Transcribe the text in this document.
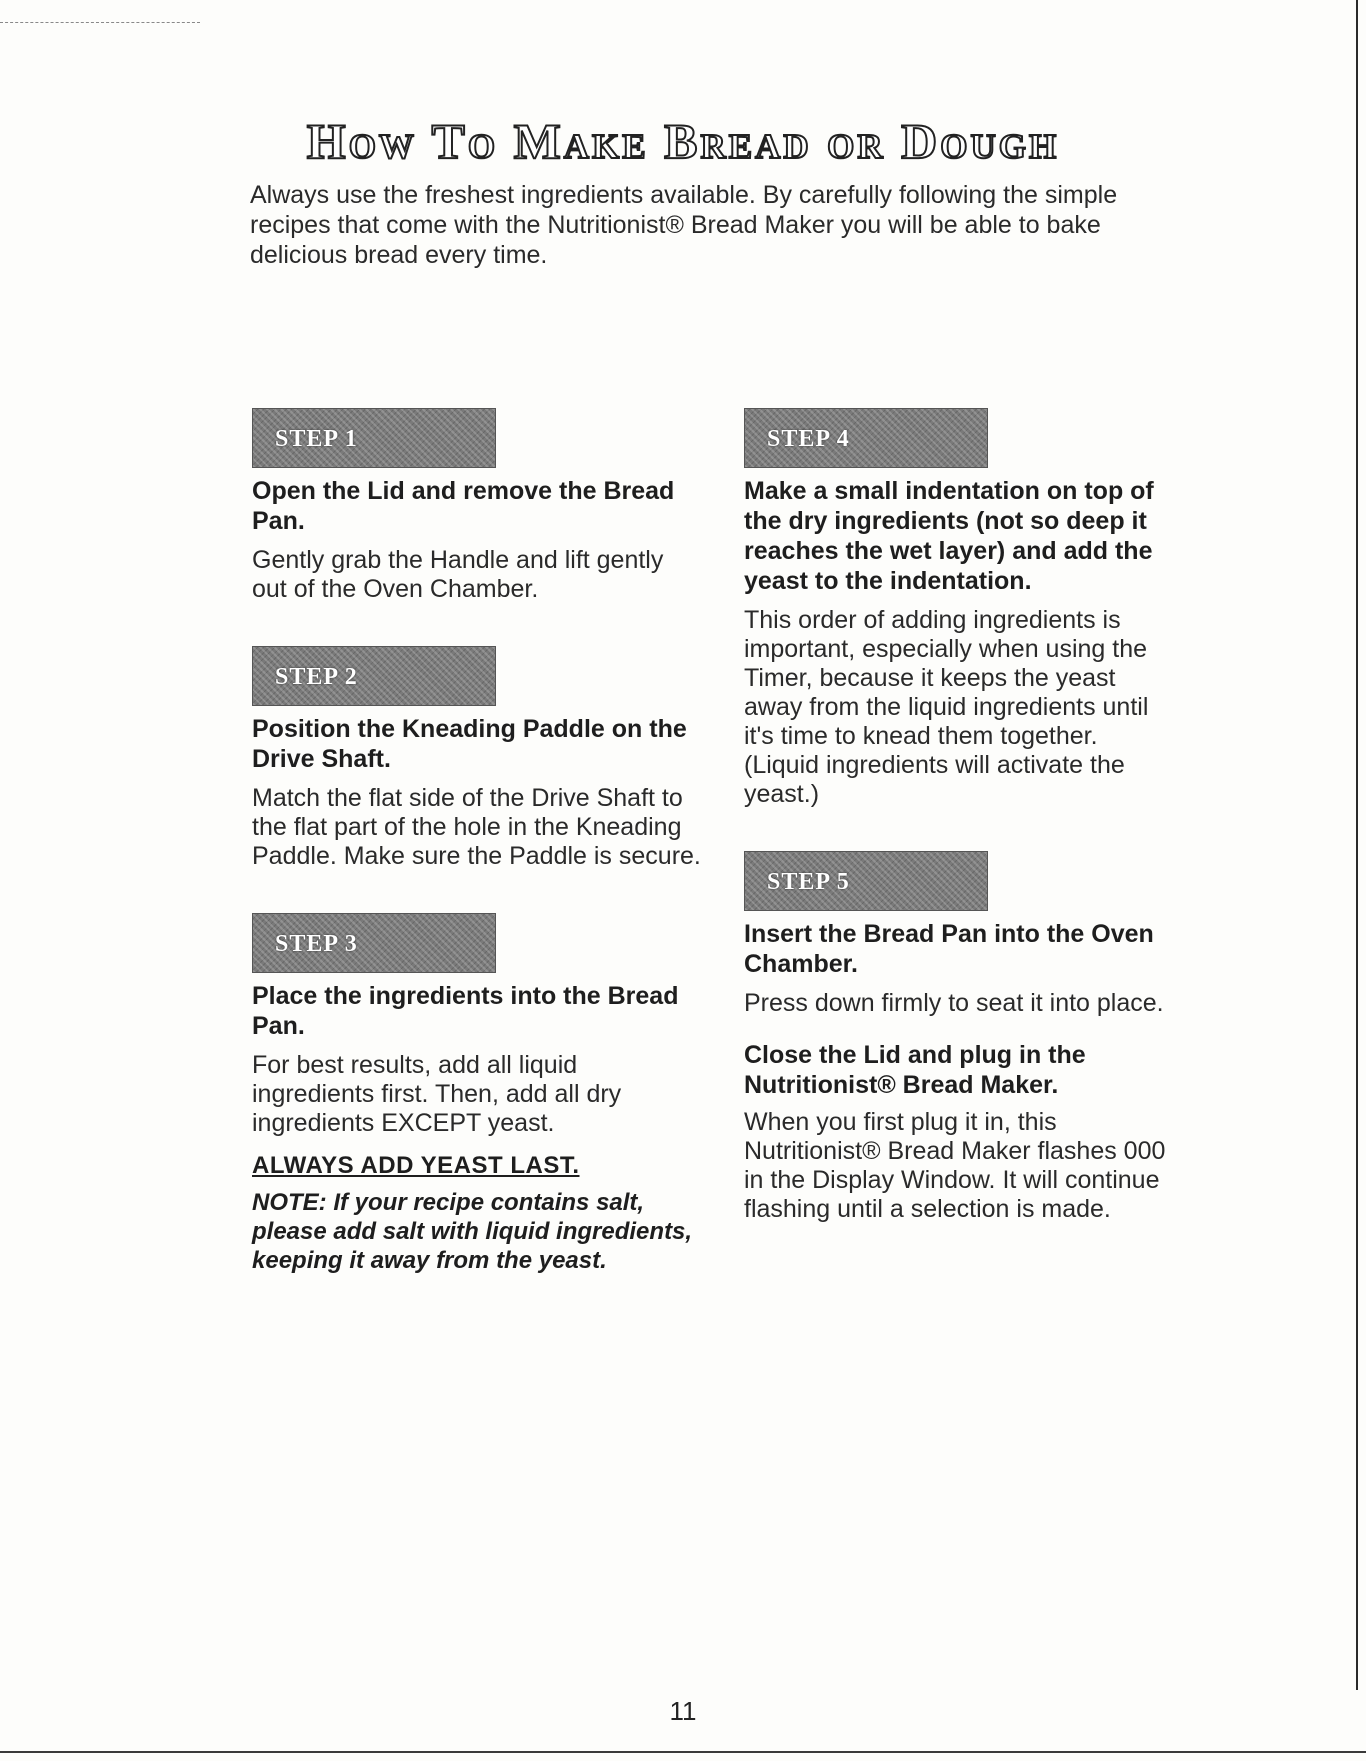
How To Make Bread or Dough

Always use the freshest ingredients available. By carefully following the simple recipes that come with the Nutritionist® Bread Maker you will be able to bake delicious bread every time.

STEP 1
Open the Lid and remove the Bread Pan.

Gently grab the Handle and lift gently out of the Oven Chamber.

STEP 2
Position the Kneading Paddle on the Drive Shaft.

Match the flat side of the Drive Shaft to the flat part of the hole in the Kneading Paddle. Make sure the Paddle is secure.

STEP 3
Place the ingredients into the Bread Pan.

For best results, add all liquid ingredients first. Then, add all dry ingredients EXCEPT yeast.

ALWAYS ADD YEAST LAST.

NOTE: If your recipe contains salt, please add salt with liquid ingredients, keeping it away from the yeast.

STEP 4
Make a small indentation on top of the dry ingredients (not so deep it reaches the wet layer) and add the yeast to the indentation.

This order of adding ingredients is important, especially when using the Timer, because it keeps the yeast away from the liquid ingredients until it's time to knead them together. (Liquid ingredients will activate the yeast.)

STEP 5
Insert the Bread Pan into the Oven Chamber.

Press down firmly to seat it into place.

Close the Lid and plug in the Nutritionist® Bread Maker.

When you first plug it in, this Nutritionist® Bread Maker flashes 000 in the Display Window. It will continue flashing until a selection is made.

11
